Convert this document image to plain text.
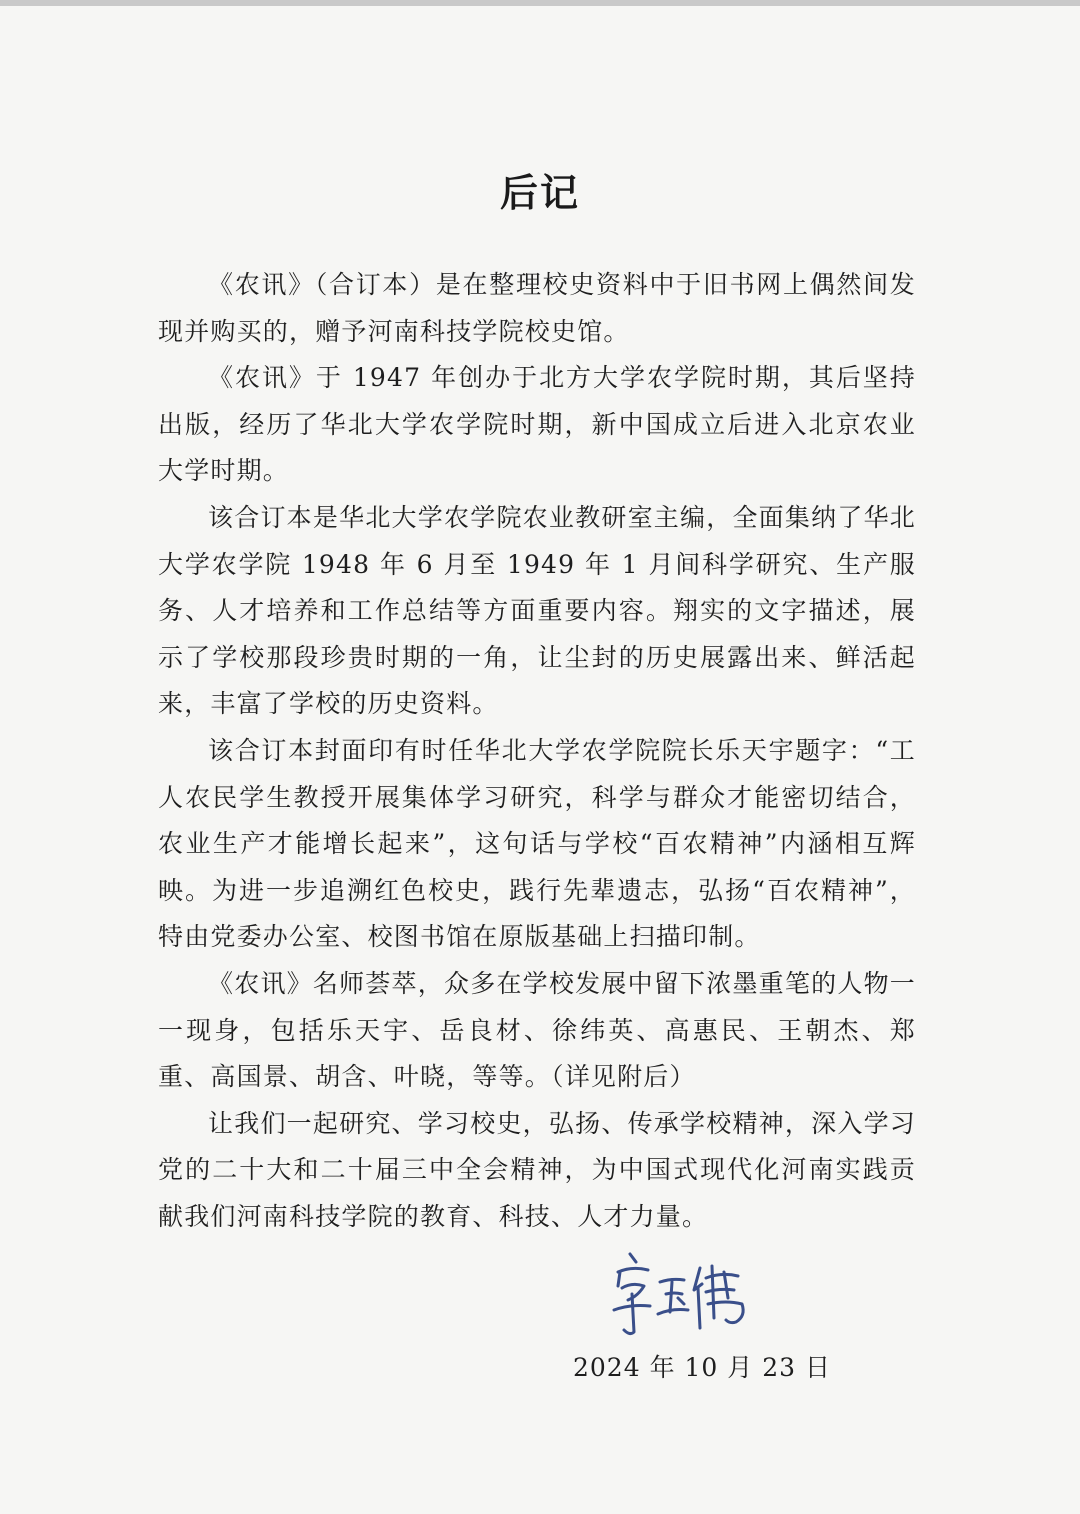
后记

《农讯》（合订本）是在整理校史资料中于旧书网上偶然间发现并购买的，赠予河南科技学院校史馆。

《农讯》于 1947 年创办于北方大学农学院时期，其后坚持出版，经历了华北大学农学院时期，新中国成立后进入北京农业大学时期。

该合订本是华北大学农学院农业教研室主编，全面集纳了华北大学农学院 1948 年 6 月至 1949 年 1 月间科学研究、生产服务、人才培养和工作总结等方面重要内容。翔实的文字描述，展示了学校那段珍贵时期的一角，让尘封的历史展露出来、鲜活起来，丰富了学校的历史资料。

该合订本封面印有时任华北大学农学院院长乐天宇题字：“工人农民学生教授开展集体学习研究，科学与群众才能密切结合，农业生产才能增长起来”，这句话与学校“百农精神”内涵相互辉映。为进一步追溯红色校史，践行先辈遗志，弘扬“百农精神”，特由党委办公室、校图书馆在原版基础上扫描印制。

《农讯》名师荟萃，众多在学校发展中留下浓墨重笔的人物一一现身，包括乐天宇、岳良材、徐纬英、高惠民、王朝杰、郑重、高国景、胡含、叶晓，等等。（详见附后）

让我们一起研究、学习校史，弘扬、传承学校精神，深入学习党的二十大和二十届三中全会精神，为中国式现代化河南实践贡献我们河南科技学院的教育、科技、人才力量。

2024 年 10 月 23 日
